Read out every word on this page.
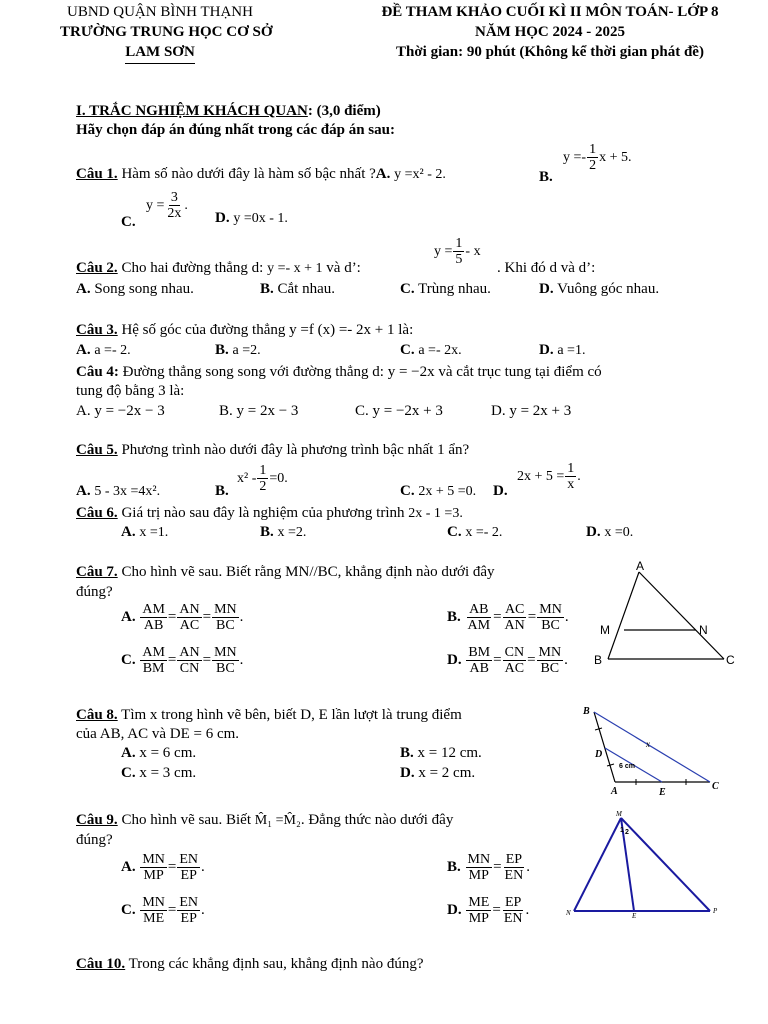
UBND QUẬN BÌNH THẠNH
TRƯỜNG TRUNG HỌC CƠ SỞ
LAM SƠN
ĐỀ THAM KHẢO CUỐI KÌ II MÔN TOÁN- LỚP 8
NĂM HỌC 2024 - 2025
Thời gian: 90 phút (Không kể thời gian phát đề)
I. TRẮC NGHIỆM KHÁCH QUAN: (3,0 điểm)
Hãy chọn đáp án đúng nhất trong các đáp án sau:
Câu 1. Hàm số nào dưới đây là hàm số bậc nhất ?A. y =x² - 2.	B.
$y =- \frac{1}{2}$ x + 5.
C.
$y = \frac{3}{2x}$ .
D. y =0x - 1.
Câu 2. Cho hai đường thẳng d: y =- x + 1 và d’:
$y = \frac{1}{5} - x$
. Khi đó d và d’:
A. Song song nhau.	B. Cắt nhau.	C. Trùng nhau.	D. Vuông góc nhau.
Câu 3. Hệ số góc của đường thẳng y =f (x) =- 2x + 1 là:
A. a =- 2.	B. a =2.	C. a =- 2x.	D. a =1.
Câu 4: Đường thẳng song song với đường thẳng d: y = −2x và cắt trục tung tại điểm có
tung độ bằng 3 là:
A. y = −2x − 3	B. y = 2x − 3	C. y = −2x + 3	D. y = 2x + 3
Câu 5. Phương trình nào dưới đây là phương trình bậc nhất 1 ẩn?
A. 5 - 3x =4x².	B.
$x^2 - \frac{1}{2} =0$.
C. 2x + 5 =0. D.
$2x + 5 = \frac{1}{x}$ .
Câu 6. Giá trị nào sau đây là nghiệm của phương trình 2x - 1 =3.
A. x =1.	B. x =2.	C. x =- 2.	D. x =0.
Câu 7. Cho hình vẽ sau. Biết rằng MN//BC, khẳng định nào dưới đây
đúng?
A. $\frac{AM}{AB} = \frac{AN}{AC} = \frac{MN}{BC}$ .	B. $\frac{AB}{AM} = \frac{AC}{AN} = \frac{MN}{BC}$ .
C. $\frac{AM}{BM} = \frac{AN}{CN} = \frac{MN}{BC}$ .	D. $\frac{BM}{AB} = \frac{CN}{AC} = \frac{MN}{BC}$ .
A
M	N
B	C
Câu 8. Tìm x trong hình vẽ bên, biết D, E lần lượt là trung điểm
của AB, AC và DE = 6 cm.
A. x = 6 cm.	B. x = 12 cm.
C. x = 3 cm.	D. x = 2 cm.
B
D
A	E
C
x
6 cm
Câu 9. Cho hình vẽ sau. Biết M̂₁ =M̂₂. Đẳng thức nào dưới đây
đúng?
A. $\frac{MN}{MP} = \frac{EN}{EP}$ .	B. $\frac{MN}{MP} = \frac{EP}{EN}$ .
C. $\frac{MN}{ME} = \frac{EN}{EP}$ .	D. $\frac{ME}{MP} = \frac{EP}{EN}$ .
M
1 2
N	E
P
Câu 10. Trong các khẳng định sau, khẳng định nào đúng?
